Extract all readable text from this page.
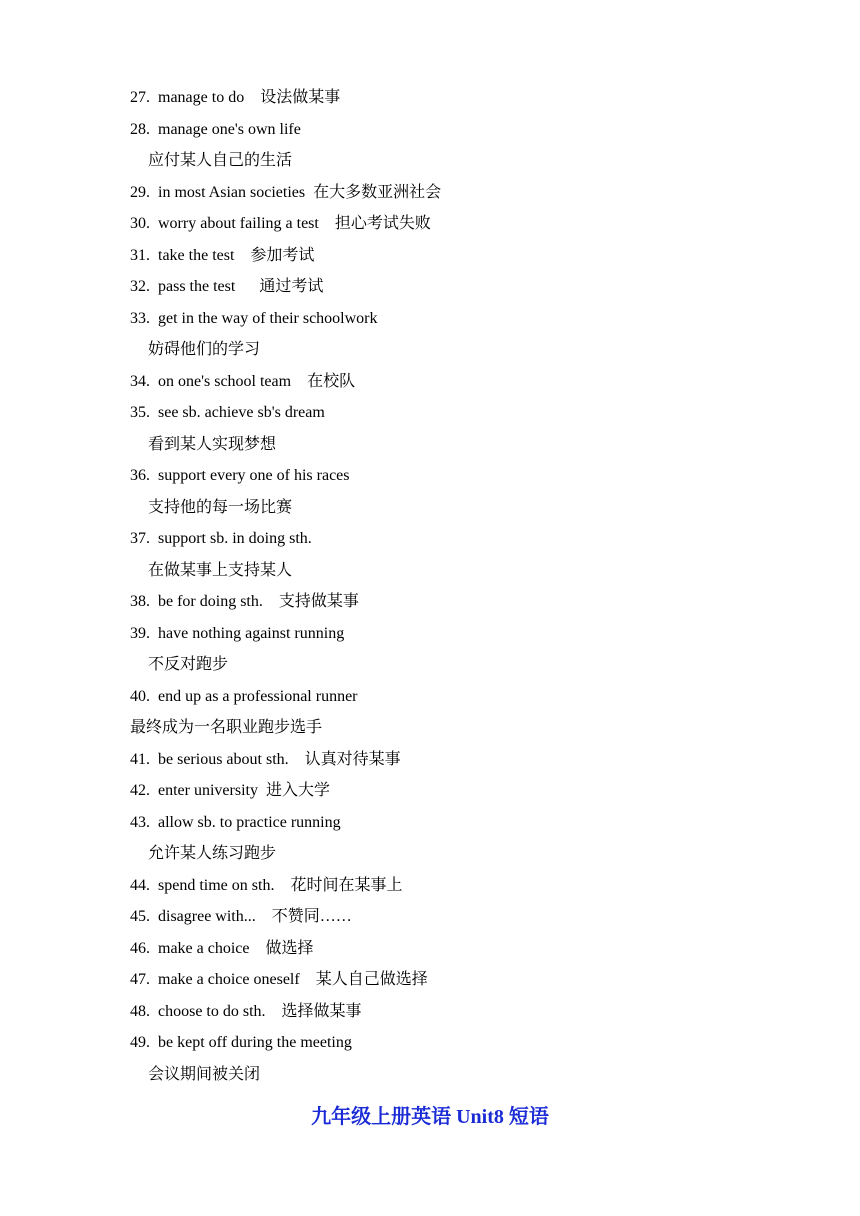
27.  manage to do    设法做某事
28.  manage one's own life
应付某人自己的生活
29.  in most Asian societies  在大多数亚洲社会
30.  worry about failing a test    担心考试失败
31.  take the test    参加考试
32.  pass the test      通过考试
33.  get in the way of their schoolwork
妨碍他们的学习
34.  on one's school team    在校队
35.  see sb. achieve sb's dream
看到某人实现梦想
36.  support every one of his races
支持他的每一场比赛
37.  support sb. in doing sth.
在做某事上支持某人
38.  be for doing sth.    支持做某事
39.  have nothing against running
不反对跑步
40.  end up as a professional runner
最终成为一名职业跑步选手
41.  be serious about sth.    认真对待某事
42.  enter university  进入大学
43.  allow sb. to practice running
允许某人练习跑步
44.  spend time on sth.    花时间在某事上
45.  disagree with...    不赞同……
46.  make a choice    做选择
47.  make a choice oneself    某人自己做选择
48.  choose to do sth.    选择做某事
49.  be kept off during the meeting
会议期间被关闭
九年级上册英语 Unit8 短语
